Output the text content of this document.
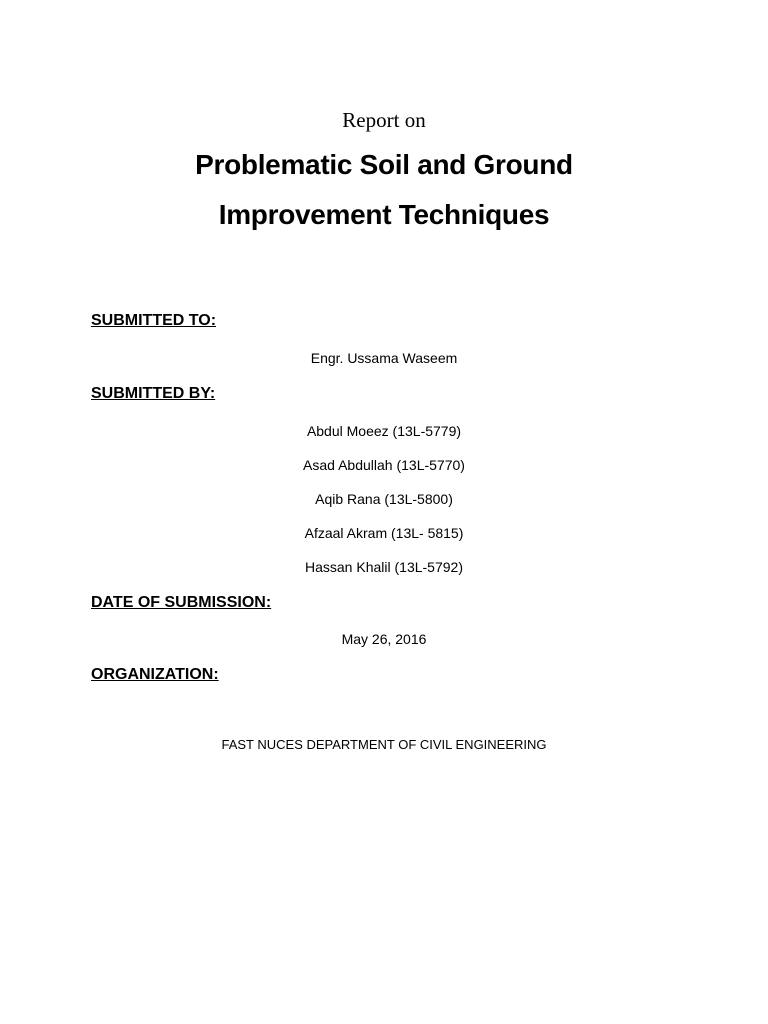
Report on
Problematic Soil and Ground
Improvement Techniques
SUBMITTED TO:
Engr. Ussama Waseem
SUBMITTED BY:
Abdul Moeez (13L-5779)
Asad Abdullah (13L-5770)
Aqib Rana (13L-5800)
Afzaal Akram (13L- 5815)
Hassan Khalil (13L-5792)
DATE OF SUBMISSION:
May 26, 2016
ORGANIZATION:
FAST NUCES DEPARTMENT OF CIVIL ENGINEERING
